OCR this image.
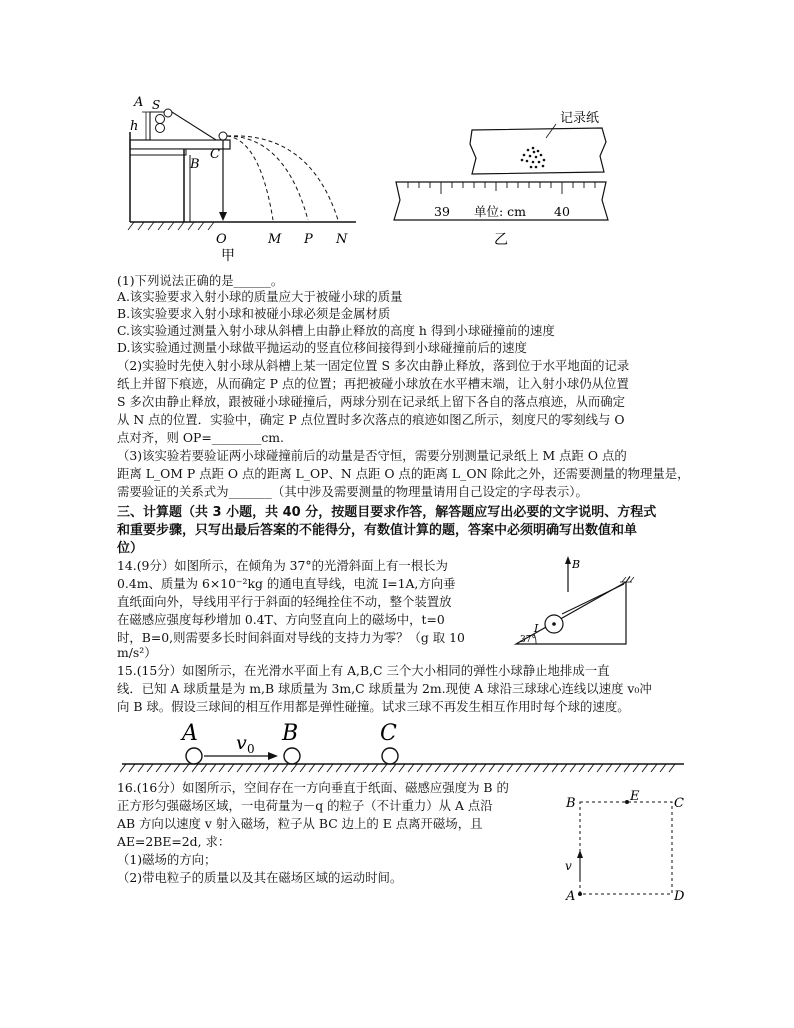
A
h
S
C
B
O	M P N
甲
记录纸
39 单位: cm 40
乙
(1)下列说法正确的是______。
A.该实验要求入射小球的质量应大于被碰小球的质量
B.该实验要求入射小球和被碰小球必须是金属材质
C.该实验通过测量入射小球从斜槽上由静止释放的高度 h 得到小球碰撞前的速度
D.该实验通过测量小球做平抛运动的竖直位移间接得到小球碰撞前后的速度
（2)实验时先使入射小球从斜槽上某一固定位置 S 多次由静止释放，落到位于水平地面的记录
纸上并留下痕迹，从而确定 P 点的位置；再把被碰小球放在水平槽末端，让入射小球仍从位置
S 多次由静止释放，跟被碰小球碰撞后，两球分别在记录纸上留下各自的落点痕迹，从而确定
从 N 点的位置．实验中，确定 P 点位置时多次落点的痕迹如图乙所示，刻度尺的零刻线与 O
点对齐，则 OP=________cm.
（3)该实验若要验证两小球碰撞前后的动量是否守恒，需要分别测量记录纸上 M 点距 O 点的
距离 L_OM P 点距 O 点的距离 L_OP、N 点距 O 点的距离 L_ON 除此之外，还需要测量的物理量是，
需要验证的关系式为_______（其中涉及需要测量的物理量请用自己设定的字母表示）。
三、计算题（共 3 小题，共 40 分，按题目要求作答，解答题应写出必要的文字说明、方程式
和重要步骤，只写出最后答案的不能得分，有数值计算的题，答案中必须明确写出数值和单
位）
14.(9分）如图所示，在倾角为 37°的光滑斜面上有一根长为
0.4m、质量为 6×10⁻²kg 的通电直导线，电流 I=1A,方向垂
直纸面向外，导线用平行于斜面的轻绳拴住不动，整个装置放
在磁感应强度每秒增加 0.4T、方向竖直向上的磁场中，t=0
时，B=0,则需要多长时间斜面对导线的支持力为零？（g 取 10
m/s²）
B
I
37°
15.(15分）如图所示，在光滑水平面上有 A,B,C 三个大小相同的弹性小球静止地排成一直
线．已知 A 球质量是为 m,B 球质量为 3m,C 球质量为 2m.现使 A 球沿三球球心连线以速度 v₀冲
向 B 球。假设三球间的相互作用都是弹性碰撞。试求三球不再发生相互作用时每个球的速度。
A v 0
B	C
16.(16分）如图所示，空间存在一方向垂直于纸面、磁感应强度为 B 的
正方形匀强磁场区域，一电荷量为－q 的粒子（不计重力）从 A 点沿
AB 方向以速度 v 射入磁场，粒子从 BC 边上的 E 点离开磁场，且
AE=2BE=2d, 求：
（1)磁场的方向；
（2)带电粒子的质量以及其在磁场区域的运动时间。
B	E	C
v
A	D
